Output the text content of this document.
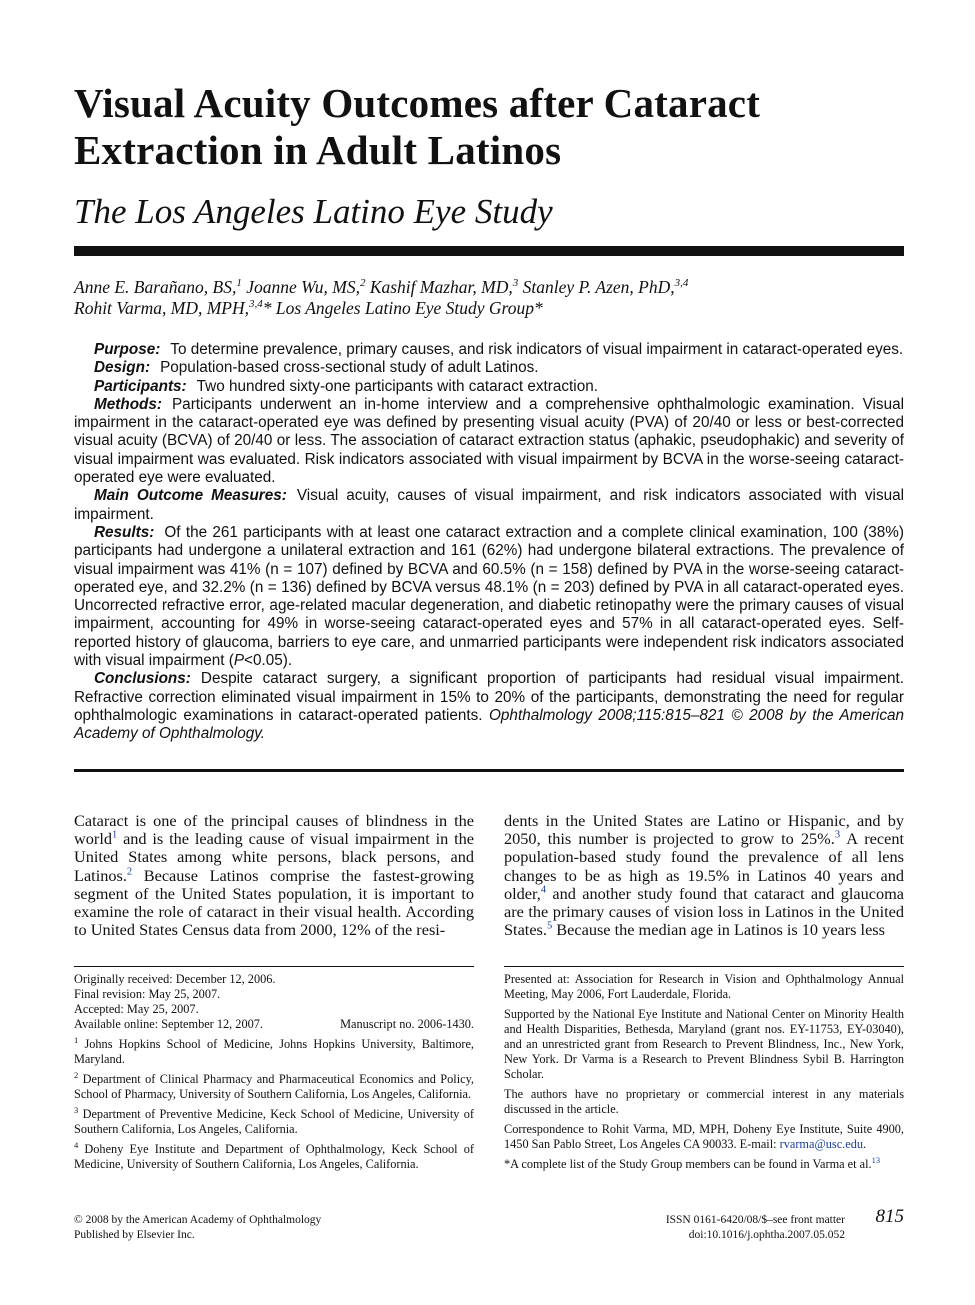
Visual Acuity Outcomes after Cataract Extraction in Adult Latinos
The Los Angeles Latino Eye Study
Anne E. Barañano, BS,$^1$ Joanne Wu, MS,$^2$ Kashif Mazhar, MD,$^3$ Stanley P. Azen, PhD,$^{3,4}$
Rohit Varma, MD, MPH,$^{3,4}$* Los Angeles Latino Eye Study Group*

Purpose: To determine prevalence, primary causes, and risk indicators of visual impairment in cataract-operated eyes.

Design: Population-based cross-sectional study of adult Latinos.

Participants: Two hundred sixty-one participants with cataract extraction.

Methods: Participants underwent an in-home interview and a comprehensive ophthalmologic examination. Visual impairment in the cataract-operated eye was defined by presenting visual acuity (PVA) of 20/40 or less or best-corrected visual acuity (BCVA) of 20/40 or less. The association of cataract extraction status (aphakic, pseudophakic) and severity of visual impairment was evaluated. Risk indicators associated with visual impairment by BCVA in the worse-seeing cataract-operated eye were evaluated.

Main Outcome Measures: Visual acuity, causes of visual impairment, and risk indicators associated with visual impairment.

Results: Of the 261 participants with at least one cataract extraction and a complete clinical examination, 100 (38%) participants had undergone a unilateral extraction and 161 (62%) had undergone bilateral extractions. The prevalence of visual impairment was 41% (n = 107) defined by BCVA and 60.5% (n = 158) defined by PVA in the worse-seeing cataract-operated eye, and 32.2% (n = 136) defined by BCVA versus 48.1% (n = 203) defined by PVA in all cataract-operated eyes. Uncorrected refractive error, age-related macular degeneration, and diabetic retinopathy were the primary causes of visual impairment, accounting for 49% in worse-seeing cataract-operated eyes and 57% in all cataract-operated eyes. Self-reported history of glaucoma, barriers to eye care, and unmarried participants were independent risk indicators associated with visual impairment (P<0.05).

Conclusions: Despite cataract surgery, a significant proportion of participants had residual visual impairment. Refractive correction eliminated visual impairment in 15% to 20% of the participants, demonstrating the need for regular ophthalmologic examinations in cataract-operated patients. Ophthalmology 2008;115:815–821 © 2008 by the American Academy of Ophthalmology.

Cataract is one of the principal causes of blindness in the world$^1$ and is the leading cause of visual impairment in the United States among white persons, black persons, and Latinos.$^2$ Because Latinos comprise the fastest-growing segment of the United States population, it is important to examine the role of cataract in their visual health. According to United States Census data from 2000, 12% of the resi-

dents in the United States are Latino or Hispanic, and by 2050, this number is projected to grow to 25%.$^3$ A recent population-based study found the prevalence of all lens changes to be as high as 19.5% in Latinos 40 years and older,$^4$ and another study found that cataract and glaucoma are the primary causes of vision loss in Latinos in the United States.$^5$ Because the median age in Latinos is 10 years less

Originally received: December 12, 2006.

Final revision: May 25, 2007.

Accepted: May 25, 2007.

Available online: September 12, 2007.	Manuscript no. 2006-1430.

$^1$ Johns Hopkins School of Medicine, Johns Hopkins University, Baltimore, Maryland.

$^2$ Department of Clinical Pharmacy and Pharmaceutical Economics and Policy, School of Pharmacy, University of Southern California, Los Angeles, California.

$^3$ Department of Preventive Medicine, Keck School of Medicine, University of Southern California, Los Angeles, California.

$^4$ Doheny Eye Institute and Department of Ophthalmology, Keck School of Medicine, University of Southern California, Los Angeles, California.

Presented at: Association for Research in Vision and Ophthalmology Annual Meeting, May 2006, Fort Lauderdale, Florida.

Supported by the National Eye Institute and National Center on Minority Health and Health Disparities, Bethesda, Maryland (grant nos. EY-11753, EY-03040), and an unrestricted grant from Research to Prevent Blindness, Inc., New York, New York. Dr Varma is a Research to Prevent Blindness Sybil B. Harrington Scholar.

The authors have no proprietary or commercial interest in any materials discussed in the article.

Correspondence to Rohit Varma, MD, MPH, Doheny Eye Institute, Suite 4900, 1450 San Pablo Street, Los Angeles CA 90033. E-mail: rvarma@usc.edu.

*A complete list of the Study Group members can be found in Varma et al.$^{13}$

© 2008 by the American Academy of Ophthalmology
Published by Elsevier Inc.
ISSN 0161-6420/08/$–see front matter
doi:10.1016/j.ophtha.2007.05.052
815
